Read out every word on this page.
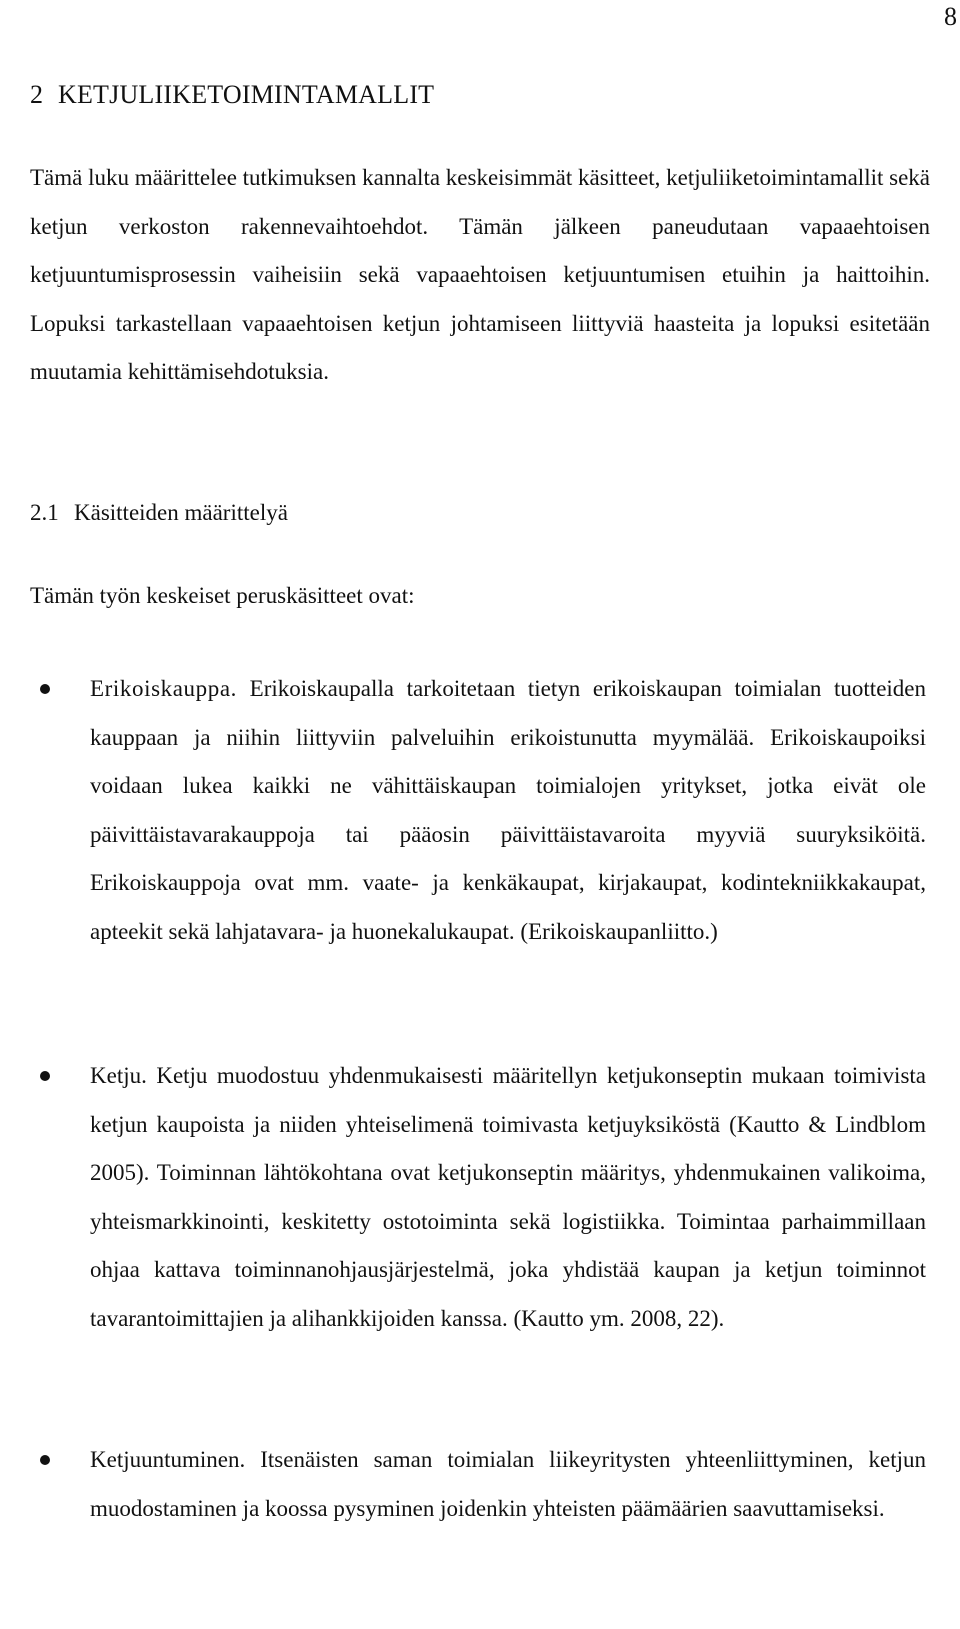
8
2 KETJULIIKETOIMINTAMALLIT

Tämä luku määrittelee tutkimuksen kannalta keskeisimmät käsitteet, ketjuliiketoimintamallit sekä ketjun verkoston rakennevaihtoehdot. Tämän jälkeen paneudutaan vapaaehtoisen ketjuuntumisprosessin vaiheisiin sekä vapaaehtoisen ketjuuntumisen etuihin ja haittoihin. Lopuksi tarkastellaan vapaaehtoisen ketjun johtamiseen liittyviä haasteita ja lopuksi esitetään muutamia kehittämisehdotuksia.

2.1 Käsitteiden määrittelyä

Tämän työn keskeiset peruskäsitteet ovat:

Erikoiskauppa. Erikoiskaupalla tarkoitetaan tietyn erikoiskaupan toimialan tuotteiden kauppaan ja niihin liittyviin palveluihin erikoistunutta myymälää. Erikoiskaupoiksi voidaan lukea kaikki ne vähittäiskaupan toimialojen yritykset, jotka eivät ole päivittäistavarakauppoja tai pääosin päivittäistavaroita myyviä suuryksiköitä. Erikoiskauppoja ovat mm. vaate- ja kenkäkaupat, kirjakaupat, kodintekniikkakaupat, apteekit sekä lahjatavara- ja huonekalukaupat. (Erikoiskaupanliitto.)
Ketju. Ketju muodostuu yhdenmukaisesti määritellyn ketjukonseptin mukaan toimivista ketjun kaupoista ja niiden yhteiselimenä toimivasta ketjuyksiköstä (Kautto & Lindblom 2005). Toiminnan lähtökohtana ovat ketjukonseptin määritys, yhdenmukainen valikoima, yhteismarkkinointi, keskitetty ostotoiminta sekä logistiikka. Toimintaa parhaimmillaan ohjaa kattava toiminnanohjausjärjestelmä, joka yhdistää kaupan ja ketjun toiminnot tavarantoimittajien ja alihankkijoiden kanssa. (Kautto ym. 2008, 22).
Ketjuuntuminen. Itsenäisten saman toimialan liikeyritysten yhteenliittyminen, ketjun muodostaminen ja koossa pysyminen joidenkin yhteisten päämäärien saavuttamiseksi.
